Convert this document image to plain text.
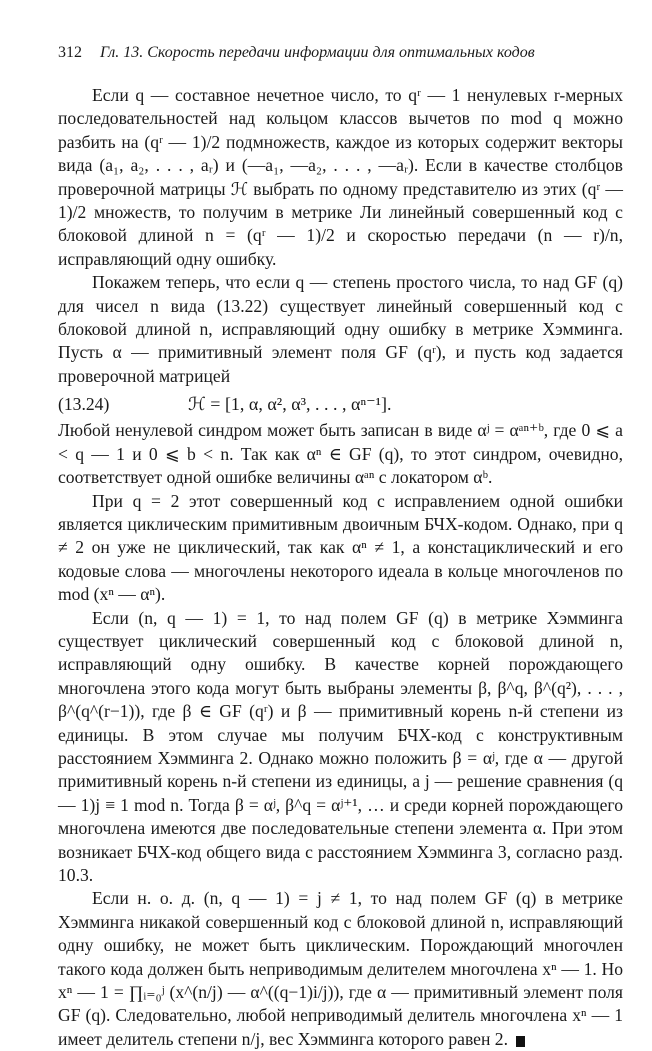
312 Гл. 13. Скорость передачи информации для оптимальных кодов

Если q — составное нечетное число, то qʳ — 1 ненулевых r-мерных последовательностей над кольцом классов вычетов по mod q можно разбить на (qʳ — 1)/2 подмножеств, каждое из которых содержит векторы вида (a₁, a₂, . . . , aᵣ) и (—a₁, —a₂, . . . , —aᵣ). Если в качестве столбцов проверочной матрицы ℋ выбрать по одному представителю из этих (qʳ — 1)/2 множеств, то получим в метрике Ли линейный совершенный код с блоковой длиной n = (qʳ — 1)/2 и скоростью передачи (n — r)/n, исправляющий одну ошибку.

Покажем теперь, что если q — степень простого числа, то над GF (q) для чисел n вида (13.22) существует линейный совершенный код с блоковой длиной n, исправляющий одну ошибку в метрике Хэмминга. Пусть α — примитивный элемент поля GF (qʳ), и пусть код задается проверочной матрицей

(13.24)	ℋ = [1, α, α², α³, . . . , αⁿ⁻¹].

Любой ненулевой синдром может быть записан в виде αʲ = αᵃⁿ⁺ᵇ, где 0 ⩽ a < q — 1 и 0 ⩽ b < n. Так как αⁿ ∈ GF (q), то этот синдром, очевидно, соответствует одной ошибке величины αᵃⁿ с локатором αᵇ.

При q = 2 этот совершенный код с исправлением одной ошибки является циклическим примитивным двоичным БЧХ-кодом. Однако, при q ≠ 2 он уже не циклический, так как αⁿ ≠ 1, а констациклический и его кодовые слова — многочлены некоторого идеала в кольце многочленов по mod (xⁿ — αⁿ).

Если (n, q — 1) = 1, то над полем GF (q) в метрике Хэмминга существует циклический совершенный код с блоковой длиной n, исправляющий одну ошибку. В качестве корней порождающего многочлена этого кода могут быть выбраны элементы β, β^q, β^(q²), . . . , β^(q^(r−1)), где β ∈ GF (qʳ) и β — примитивный корень n-й степени из единицы. В этом случае мы получим БЧХ-код с конструктивным расстоянием Хэмминга 2. Однако можно положить β = αʲ, где α — другой примитивный корень n-й степени из единицы, а j — решение сравнения (q — 1)j ≡ 1 mod n. Тогда β = αʲ, β^q = αʲ⁺¹, … и среди корней порождающего многочлена имеются две последовательные степени элемента α. При этом возникает БЧХ-код общего вида с расстоянием Хэмминга 3, согласно разд. 10.3.

Если н. о. д. (n, q — 1) = j ≠ 1, то над полем GF (q) в метрике Хэмминга никакой совершенный код с блоковой длиной n, исправляющий одну ошибку, не может быть циклическим. Порождающий многочлен такого кода должен быть неприводимым делителем многочлена xⁿ — 1. Но xⁿ — 1 = ∏ᵢ₌₀ʲ (x^(n/j) — α^((q−1)i/j)), где α — примитивный элемент поля GF (q). Следовательно, любой неприводимый делитель многочлена xⁿ — 1 имеет делитель степени n/j, вес Хэмминга которого равен 2.
